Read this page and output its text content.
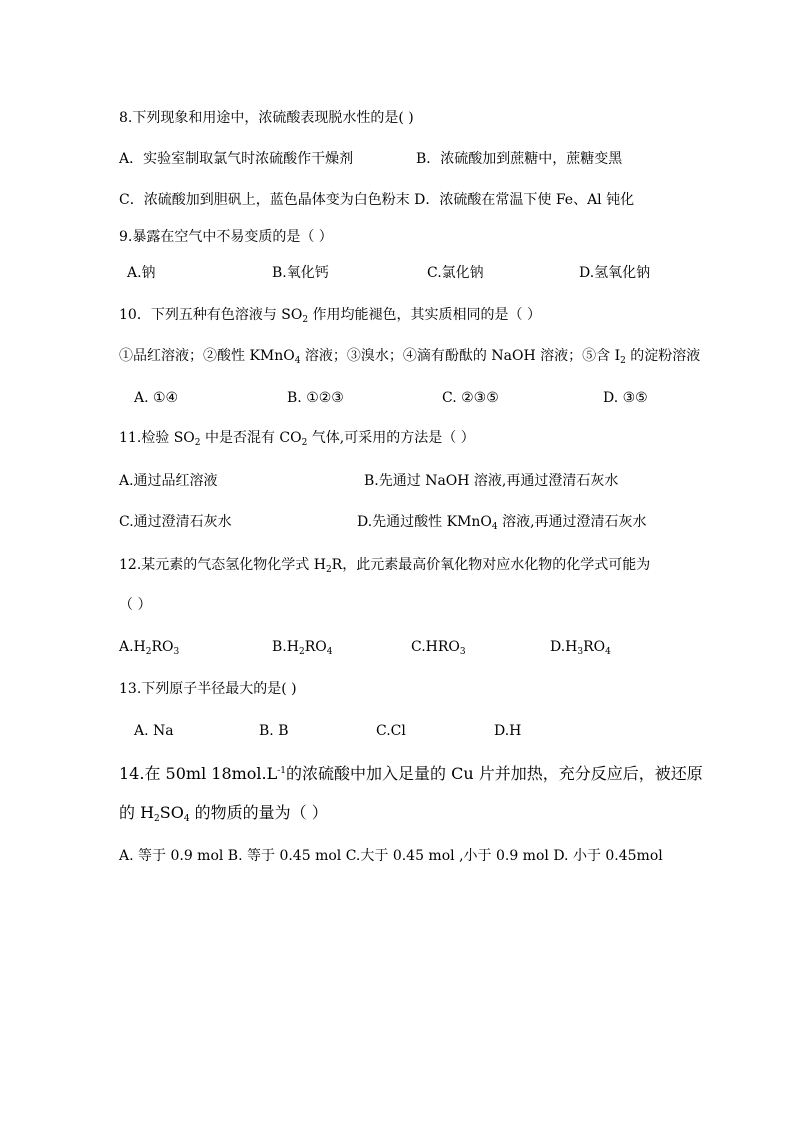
8.下列现象和用途中，浓硫酸表现脱水性的是( )
A．实验室制取氯气时浓硫酸作干燥剂	B．浓硫酸加到蔗糖中，蔗糖变黑
C．浓硫酸加到胆矾上，蓝色晶体变为白色粉末 D．浓硫酸在常温下使 Fe、Al 钝化
9.暴露在空气中不易变质的是（ ）
A.钠	B.氧化钙	C.氯化钠	D.氢氧化钠
10．下列五种有色溶液与 $SO_2$ 作用均能褪色，其实质相同的是（ ）
①品红溶液；②酸性 KMnO$_4$ 溶液；③溴水；④滴有酚酞的 NaOH 溶液；⑤含 $I_2$ 的淀粉溶液
A. ①④	B. ①②③	C. ②③⑤	D. ③⑤
11.检验 $SO_2$ 中是否混有 $CO_2$ 气体,可采用的方法是（ ）
A.通过品红溶液	B.先通过 NaOH 溶液,再通过澄清石灰水
C.通过澄清石灰水	D.先通过酸性 KMnO$_4$ 溶液,再通过澄清石灰水
12.某元素的气态氢化物化学式 $H_2R$，此元素最高价氧化物对应水化物的化学式可能为
（ ）
$A.H_2RO_3$	$B.H_2RO_4$	$C.HRO_3$	$D.H_3RO_4$
13.下列原子半径最大的是( )
A. Na	B. B	C.Cl	D.H
14.在 50ml $18mol.L^{-1}$的浓硫酸中加入足量的 Cu 片并加热，充分反应后，被还原
的 $H_2SO_4$ 的物质的量为（ ）
A. 等于 0.9 mol B. 等于 0.45 mol C.大于 0.45 mol ,小于 0.9 mol D. 小于 0.45mol
